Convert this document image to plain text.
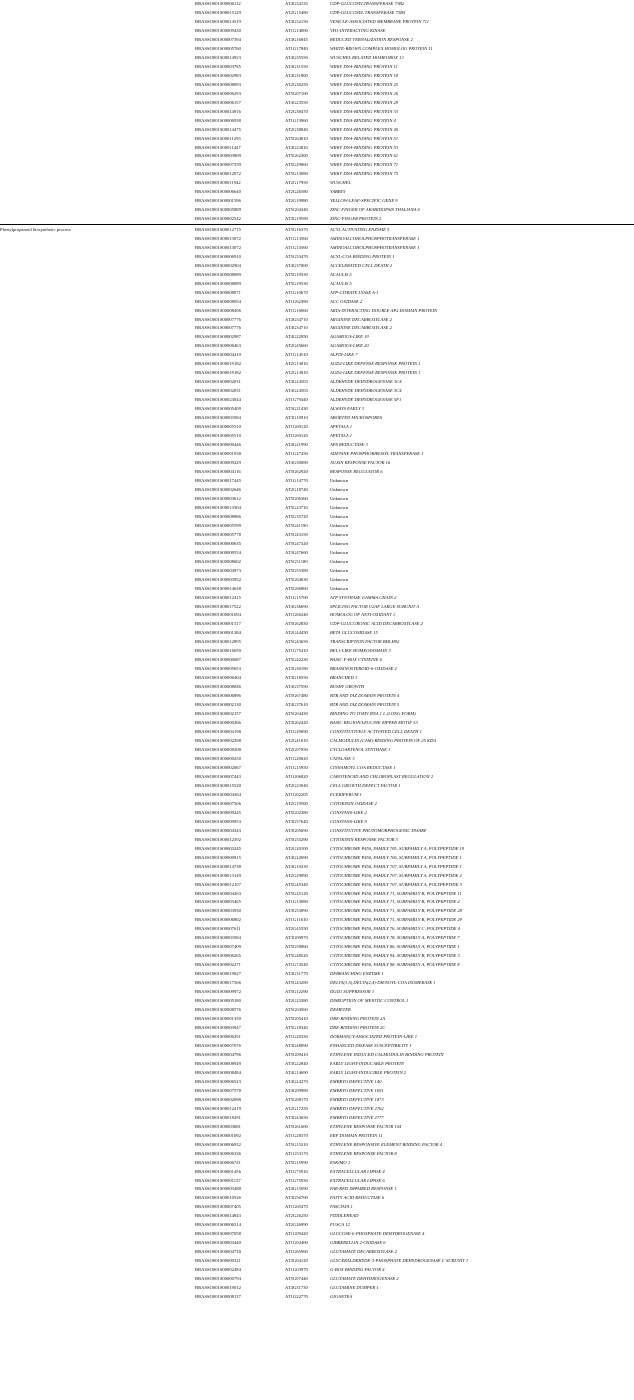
	BRASSO001S00006112	AT4G34135	UDP-GLUCOSYLTRANSFERASE 73B2
	BRASSO001S00015129	AT2G15480	UDP-GLUCOSYL TRANSFERASE 73B5
	BRASSO001S00014519	AT4G32150	VESICLE-ASSOCIATED MEMBRANE PROTEIN 711
	BRASSO001S00009430	AT1G14000	VH1-INTERACTING KINASE
	BRASSO001S00007394	AT4G16845	REDUCED VERNALIZATION RESPONSE 2
	BRASSO001S00005760	AT1G17840	WHITE-BROWN COMPLEX HOMOLOG PROTEIN 11
	BRASSO001S00014923	AT4G35550	WUSCHEL RELATED HOMEOBOX 13
	BRASSO001S00003785	AT4G31550	WRKY DNA-BINDING PROTEIN 11
	BRASSO001S00002983	AT4G31800	WRKY DNA-BINDING PROTEIN 18
	BRASSO001S00008093	AT2G30250	WRKY DNA-BINDING PROTEIN 25
	BRASSO001S00006293	AT5G07100	WRKY DNA-BINDING PROTEIN 26
	BRASSO001S00006157	AT4G23550	WRKY DNA-BINDING PROTEIN 29
	BRASSO001S00014916	AT2G38470	WRKY DNA-BINDING PROTEIN 33
	BRASSO001S00006938	AT1G13960	WRKY DNA-BINDING PROTEIN 4
	BRASSO001S00014475	AT2G38840	WRKY DNA-BINDING PROTEIN 40
	BRASSO001S00011293	AT5G64810	WRKY DNA-BINDING PROTEIN 51
	BRASSO001S00011447	AT4G23810	WRKY DNA-BINDING PROTEIN 53
	BRASSO001S00003809	AT5G62300	WRKY DNA-BINDING PROTEIN 61
	BRASSO001S00007559	AT5G29860	WRKY DNA-BINDING PROTEIN 71
	BRASSO001S00012072	AT5G13080	WRKY DNA-BINDING PROTEIN 75
	BRASSO001S00011942	AT2G17950	WUSCHEL
	BRASSO001S00006640	AT2G26580	YABBY5
	BRASSO001S00001596	AT2G19980	YELLOW-LEAF-SPECIFIC GENE 9
	BRASSO001S00005889	AT5G04340	ZINC FINGER OF ARABIDOPSIS THALIANA 6
	BRASSO001S00002542	AT3G19580	ZINC-FINGER PROTEIN 2
Phenylpropanoid biosynthetic process	BRASSO001S00012715	AT5G16370	ACYL ACTIVATING ENZYME 5
	BRASSO001S00013072	AT1G13560	AMINOALCOHOLPHOSPHOTRANSFERASE 1
	BRASSO001S00013072	AT1G13560	AMINOALCOHOLPHOSPHOTRANSFERASE 1
	BRASSO001S00006910	AT5G53470	ACYL-COA BINDING PROTEIN 1
	BRASSO001S00002904	AT4G37000	ACCELERATED CELL DEATH 2
	BRASSO001S00008089	AT5G19530	ACAULIS 5
	BRASSO001S00008089	AT5G19530	ACAULIS 5
	BRASSO001S00008071	AT1G10670	ATP-CITRATE LYASE A-1
	BRASSO001S00008054	AT1G62380	ACC OXIDASE 2
	BRASSO001S00008496	AT1G16060	ARIA-INTERACTING DOUBLE AP2 DOMAIN PROTEIN
	BRASSO001S00007776	AT4G34710	ARGININE DECARBOXYLASE 2
	BRASSO001S00007776	AT4G34710	ARGININE DECARBOXYLASE 2
	BRASSO001S00002987	AT4G22950	AGAMOUS-LIKE 19
	BRASSO001S00006463	AT2G45660	AGAMOUS-LIKE 20
	BRASSO001S00004210	AT1G14510	ALFIN-LIKE 7
	BRASSO001S00019182	AT2G13810	AGD2-LIKE DEFENSE RESPONSE PROTEIN 1
	BRASSO001S00019182	AT2G13810	AGD2-LIKE DEFENSE RESPONSE PROTEIN 1
	BRASSO001S00002031	AT4G24503	ALDEHYDE DEHYDROGENASE 3C4
	BRASSO001S00002031	AT4G24503	ALDEHYDE DEHYDROGENASE 3C4
	BRASSO001S00023044	AT1G79440	ALDEHYDE DEHYDROGENASE 5F1
	BRASSO001S00005409	AT3G21430	ALWAYS EARLY 3
	BRASSO001S00003584	AT3G10910	ABORTED MICROSPORES
	BRASSO001S00005510	AT1G69120	APETALA 1
	BRASSO001S00005510	AT1G69120	APETALA 1
	BRASSO001S00000446	AT4G21990	APS REDUCTASE 3
	BRASSO001S00001938	AT1G27450	ADENINE PHOSPHORIBOSYL TRANSFERASE 1
	BRASSO001S00009229	AT4G30080	AUXIN RESPONSE FACTOR 16
	BRASSO001S00004116	AT5G62920	RESPONSE REGULATOR 6
	BRASSO001S00017445	AT1G14770	Unknown
	BRASSO001S00002646	AT2G18740	Unknown
	BRASSO001S00003612	AT5G06360	Unknown
	BRASSO001S00013304	AT5G23710	Unknown
	BRASSO001S00008886	AT5G35720	Unknown
	BRASSO001S00005599	AT5G41190	Unknown
	BRASSO001S00005778	AT5G43150	Unknown
	BRASSO001S00000635	AT5G47320	Unknown
	BRASSO001S00009554	AT3G47660	Unknown
	BRASSO001S00008602	AT5G51180	Unknown
	BRASSO001S00004973	AT5G55380	Unknown
	BRASSO001S00003952	AT5G64630	Unknown
	BRASSO001S00014638	AT5G66860	Unknown
	BRASSO001S00012415	AT1G15700	ATP SYNTHASE GAMMA CHAIN 2
	BRASSO001S00017522	AT4G36690	SPLICING FACTOR U2AF LARGE SUBUNIT A
	BRASSO001S00001694	AT1G66240	HOMOLOG OF ANTI-OXIDANT 1
	BRASSO001S00001517	AT5G62830	UDP-GLUCURONIC ACID DECARBOXYLASE 2
	BRASSO001S00001384	AT2G44450	BETA GLUCOSIDASE 15
	BRASSO001S00012895	AT5G43650	TRANSCRIPTION FACTOR BHLH92
	BRASSO001S00016059	AT1G75410	BEL1-LIKE HOMEODOMAIN 3
	BRASSO001S00000687	AT5G42230	BASIC F-BOX CYSTEINE 6
	BRASSO001S00005653	AT3G30180	BRASSINOSTEROID-6-OXIDASE 2
	BRASSO001S00006404	AT3G18550	BRANCHED 1
	BRASSO001S00008846	AT4G37590	BUSHY GROWTH
	BRASSO001S00006896	AT5G67480	BTB AND TAZ DOMAIN PROTEIN 4
	BRASSO001S00002130	AT4G37610	BTB AND TAZ DOMAIN PROTEIN 5
	BRASSO001S00002157	AT5G04430	BINDING TO TOMV RNA 1 L (LONG FORM)
	BRASSO001S00000266	AT3G62420	BASIC REGION/LEUCINE ZIPPER MOTIF 53
	BRASSO001S00004198	AT1G29690	CONSTITUTIVELY ACTIVATED CELL DEATH 1
	BRASSO001S00002398	AT2G41010	CALMODULIN (CAM)-BINDING PROTEIN OF 25 KDA
	BRASSO001S00008208	AT2G07050	CYCLOARTENOL SYNTHASE 1
	BRASSO001S00000250	AT1G20620	CATALASE 3
	BRASSO001S00002067	AT1G15950	CINNAMOYL COA REDUCTASE 1
	BRASSO001S00007443	AT1G06820	CAROTENOID AND CHLOROPLAST REGULATION 2
	BRASSO001S00015520	AT2G23040	CELL GROWTH DEFECT FACTOR 1
	BRASSO001S00004364	AT1G02205	ECERIFERUM 1
	BRASSO001S00007506	AT2G19500	CYTOKININ OXIDASE 2
	BRASSO001S00009245	AT5G02380	CONSTANS-LIKE 2
	BRASSO001S00009953	AT3G57640	CONSTANS-LIKE 9
	BRASSO001S00004343	AT3G05690	CONSTITUTIVE PHOTOMORPHOGENIC DWARF
	BRASSO001S00012392	AT5G53290	CYTOKININ RESPONSE FACTOR 3
	BRASSO001S00003245	AT2G20100	CYTOCHROME P450, FAMILY 705, SUBFAMILY A, POLYPEPTIDE 19
	BRASSO001S00000915	AT4G22690	CYTOCHROME P450, FAMILY 706, SUBFAMILY A, POLYPEPTIDE 1
	BRASSO001S00014738	AT4G19230	CYTOCHROME P450, FAMILY 707, SUBFAMILY A, POLYPEPTIDE 1
	BRASSO001S00013149	AT2G29090	CYTOCHROME P450, FAMILY 707, SUBFAMILY A, POLYPEPTIDE 2
	BRASSO001S00012107	AT5G45340	CYTOCHROME P450, FAMILY 707, SUBFAMILY A, POLYPEPTIDE 3
	BRASSO001S00004263	AT5G25120	CYTOCHROME P450, FAMILY 71, SUBFAMILY B, POLYPEPTIDE 11
	BRASSO001S00003465	AT1G13080	CYTOCHROME P450, FAMILY 71, SUBFAMILY B, POLYPEPTIDE 2
	BRASSO001S00003930	AT3G53090	CYTOCHROME P450, FAMILY 71, SUBFAMILY B, POLYPEPTIDE 28
	BRASSO001S00006802	AT1G11610	CYTOCHROME P450, FAMILY 71, SUBFAMILY B, POLYPEPTIDE 29
	BRASSO001S00007611	AT2G45550	CYTOCHROME P450, FAMILY 76, SUBFAMILY C, POLYPEPTIDE 4
	BRASSO001S00003584	AT3G09970	CYTOCHROME P450, FAMILY 78, SUBFAMILY A, POLYPEPTIDE 7
	BRASSO001S00007409	AT5G58860	CYTOCHROME P450, FAMILY 86, SUBFAMILY A, POLYPEPTIDE 1
	BRASSO001S00006265	AT5G48520	CYTOCHROME P450, FAMILY 94, SUBFAMILY B, POLYPEPTIDE 3
	BRASSO001S00002271	AT1G74540	CYTOCHROME P450, FAMILY 98, SUBFAMILY A, POLYPEPTIDE 8
	BRASSO001S00019027	AT4G31770	DEBRANCHING ENZYME 1
	BRASSO001S00017566	AT5G43280	DELTA(3,5),DELTA(2,4)-DIENOYL-COA ISOMERASE 1
	BRASSO001S00009972	AT5G12290	DGD1 SUPPRESSOR 1
	BRASSO001S00005180	AT2G23380	DISRUPTION OF MEIOTIC CONTROL 1
	BRASSO001S00008576	AT5G04560	DEMETER
	BRASSO001S00001350	AT5G05410	DRE-BINDING PROTEIN 2A
	BRASSO001S00003947	AT5G18340	DRE-BINDING PROTEIN 2C
	BRASSO001S00006291	AT1G20330	DORMANCY-ASSOCIATED PROTEIN-LIKE 1
	BRASSO001S00007076	AT3G48090	ENHANCED DISEASE SUSCEPTIBILITY 1
	BRASSO001S00004796	AT5G09410	ETHYLENE INDUCED CALMODULIN BINDING PROTEIN
	BRASSO001S00008949	AT3G22840	EARLY LIGHT-INDUCABLE PROTEIN
	BRASSO001S00008484	AT4G14690	EARLY LIGHT-INDUCIBLE PROTEIN 2
	BRASSO001S00006523	AT4G24270	EMBRYO DEFECTIVE 140
	BRASSO001S00007578	AT4G09980	EMBRYO DEFECTIVE 1691
	BRASSO001S00002698	AT5G08170	EMBRYO DEFECTIVE 1873
	BRASSO001S00012419	AT2G17250	EMBRYO DEFECTIVE 2762
	BRASSO001S00018291	AT3G43650	EMBRYO DEFECTIVE 2777
	BRASSO001S00003681	AT5G61600	ETHYLENE RESPONSE FACTOR 104
	BRASSO001S00001092	AT1G28370	ERF DOMAIN PROTEIN 11
	BRASSO001S00006932	AT5G15210	ETHYLENE RESPONSIVE ELEMENT BINDING FACTOR 4
	BRASSO001S00006336	AT1G53170	ETHYLENE RESPONSE FACTOR 8
	BRASSO001S00006741	AT5G15990	ESKIMO 1
	BRASSO001S00001456	AT1G75910	EXTRACELLULAR LIPASE 4
	BRASSO001S00001157	AT1G75930	EXTRACELLULAR LIPASE 6
	BRASSO001S00003488	AT4G15090	FAR-RED IMPAIRED RESPONSE 1
	BRASSO001S00010526	AT3G56700	FATTY ACID REDUCTASE 6
	BRASSO001S00007405	AT1G65470	FASCIATA 1
	BRASSO001S00014843	AT2G26250	FIDDLEHEAD
	BRASSO001S00006514	AT2G26990	FUSCA 12
	BRASSO001S00007058	AT1G09420	GLUCOSE-6-PHOSPHATE DEHYDROGENASE 4
	BRASSO001S00003440	AT1G02400	GIBBERELLIN 2-OXIDASE 6
	BRASSO001S00004718	AT1G65960	GLUTAMATE DECARBOXYLASE 2
	BRASSO001S00000321	AT3G04120	GLYCERALDEHYDE-3-PHOSPHATE DEHYDROGENASE C SUBUNIT 1
	BRASSO001S00002484	AT1G03970	G-BOX BINDING FACTOR 4
	BRASSO001S00000794	AT5G07440	GLUTAMATE DEHYDROGENASE 2
	BRASSO001S00019012	AT4G31730	GLUTAMINE DUMPER 1
	BRASSO001S00008137	AT1G22770	GIGANTEA
